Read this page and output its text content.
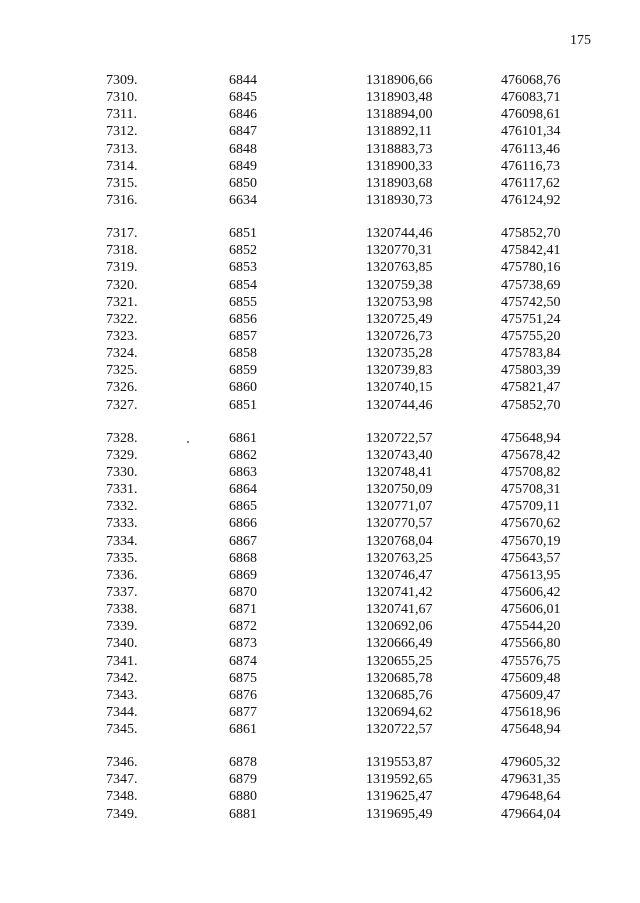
175
7309.	6844	1318906,66	476068,76
7310.	6845	1318903,48	476083,71
7311.	6846	1318894,00	476098,61
7312.	6847	1318892,11	476101,34
7313.	6848	1318883,73	476113,46
7314.	6849	1318900,33	476116,73
7315.	6850	1318903,68	476117,62
7316.	6634	1318930,73	476124,92
7317.	6851	1320744,46	475852,70
7318.	6852	1320770,31	475842,41
7319.	6853	1320763,85	475780,16
7320.	6854	1320759,38	475738,69
7321.	6855	1320753,98	475742,50
7322.	6856	1320725,49	475751,24
7323.	6857	1320726,73	475755,20
7324.	6858	1320735,28	475783,84
7325.	6859	1320739,83	475803,39
7326.	6860	1320740,15	475821,47
7327.	6851	1320744,46	475852,70
7328.	6861	1320722,57	475648,94
7329.	6862	1320743,40	475678,42
7330.	6863	1320748,41	475708,82
7331.	6864	1320750,09	475708,31
7332.	6865	1320771,07	475709,11
7333.	6866	1320770,57	475670,62
7334.	6867	1320768,04	475670,19
7335.	6868	1320763,25	475643,57
7336.	6869	1320746,47	475613,95
7337.	6870	1320741,42	475606,42
7338.	6871	1320741,67	475606,01
7339.	6872	1320692,06	475544,20
7340.	6873	1320666,49	475566,80
7341.	6874	1320655,25	475576,75
7342.	6875	1320685,78	475609,48
7343.	6876	1320685,76	475609,47
7344.	6877	1320694,62	475618,96
7345.	6861	1320722,57	475648,94
7346.	6878	1319553,87	479605,32
7347.	6879	1319592,65	479631,35
7348.	6880	1319625,47	479648,64
7349.	6881	1319695,49	479664,04
